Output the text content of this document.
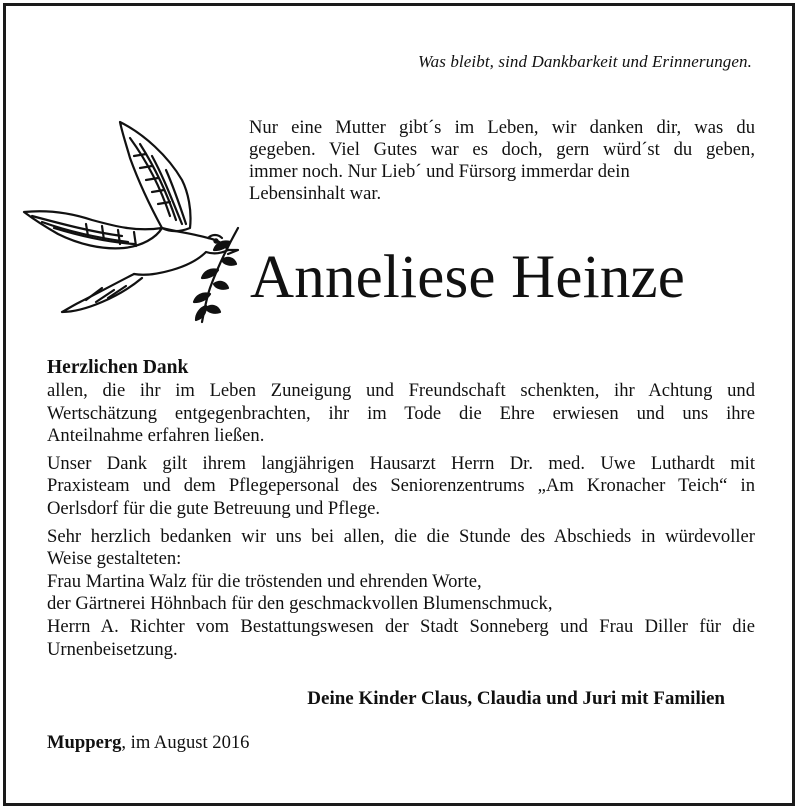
Was bleibt, sind Dankbarkeit und Erinnerungen.
Nur eine Mutter gibt´s im Leben, wir danken dir, was du
gegeben. Viel Gutes war es doch, gern würd´st du geben,
immer noch. Nur Lieb´ und Fürsorg immerdar dein
Lebensinhalt war.
Anneliese Heinze
Herzlichen Dank
allen, die ihr im Leben Zuneigung und Freundschaft schenkten, ihr Achtung und
Wertschätzung entgegenbrachten, ihr im Tode die Ehre erwiesen und uns ihre
Anteilnahme erfahren ließen.
Unser Dank gilt ihrem langjährigen Hausarzt Herrn Dr. med. Uwe Luthardt mit
Praxisteam und dem Pflegepersonal des Seniorenzentrums „Am Kronacher Teich“ in
Oerlsdorf für die gute Betreuung und Pflege.
Sehr herzlich bedanken wir uns bei allen, die die Stunde des Abschieds in würdevoller
Weise gestalteten:
Frau Martina Walz für die tröstenden und ehrenden Worte,
der Gärtnerei Höhnbach für den geschmackvollen Blumenschmuck,
Herrn A. Richter vom Bestattungswesen der Stadt Sonneberg und Frau Diller für die
Urnenbeisetzung.
Deine Kinder Claus, Claudia und Juri mit Familien
Mupperg, im August 2016
